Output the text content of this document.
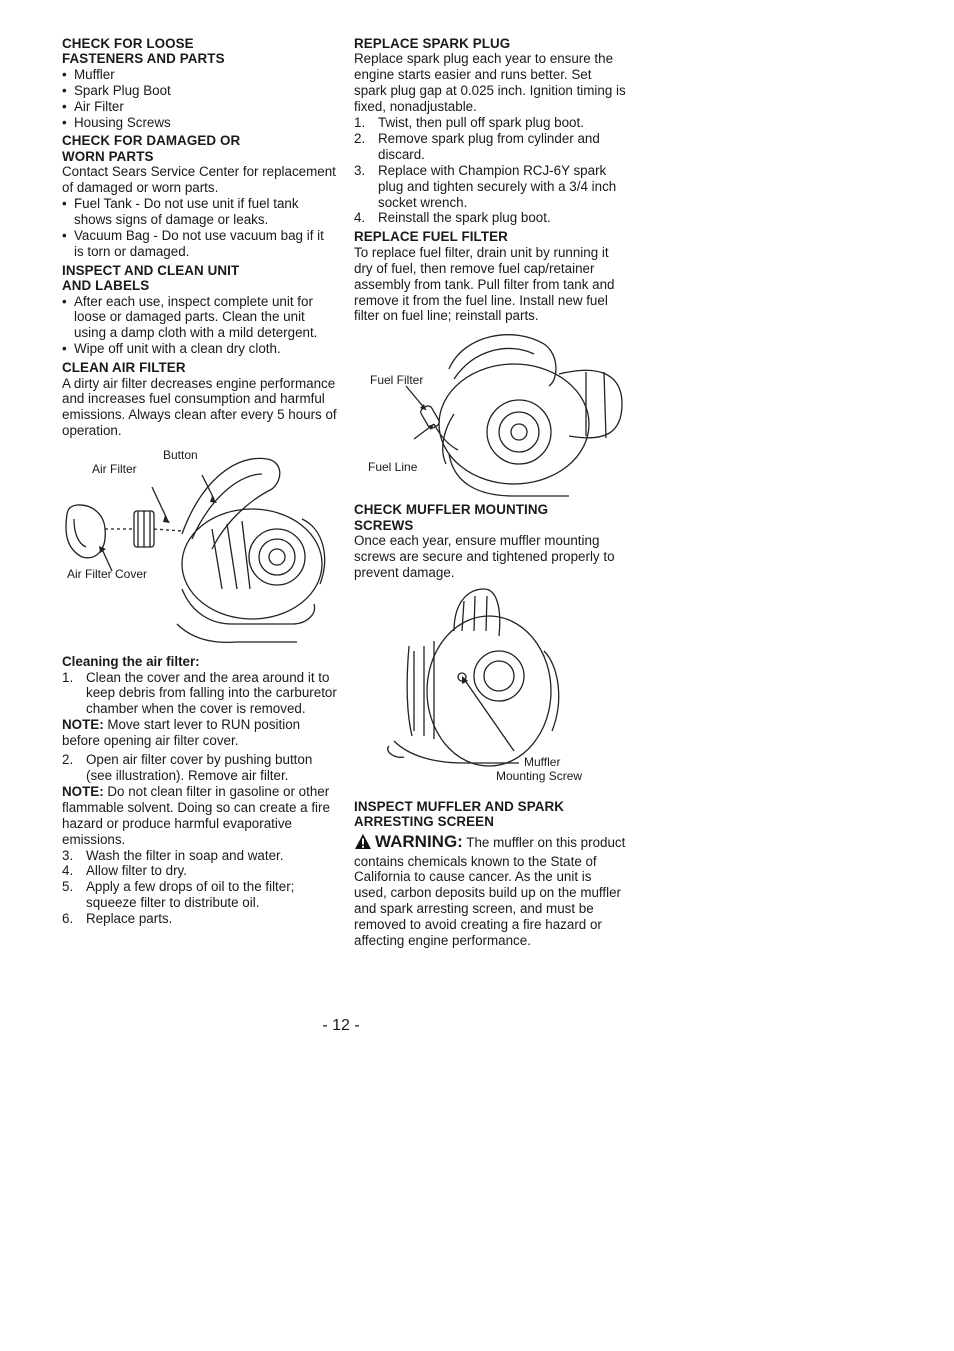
CHECK FOR LOOSE
FASTENERS AND PARTS
• Muffler
• Spark Plug Boot
• Air Filter
• Housing Screws
CHECK FOR DAMAGED OR
WORN PARTS

Contact Sears Service Center for replacement of damaged or worn parts.

• Fuel Tank - Do not use unit if fuel tank shows signs of damage or leaks.
• Vacuum Bag - Do not use vacuum bag if it is torn or damaged.
INSPECT AND CLEAN UNIT
AND LABELS
• After each use, inspect complete unit for loose or damaged parts. Clean the unit using a damp cloth with a mild detergent.
• Wipe off unit with a clean dry cloth.
CLEAN AIR FILTER

A dirty air filter decreases engine performance and increases fuel consumption and harmful emissions. Always clean after every 5 hours of operation.

Button
Air Filter
Air Filter Cover
Cleaning the air filter:
1. Clean the cover and the area around it to keep debris from falling into the carburetor chamber when the cover is removed.

NOTE: Move start lever to RUN position before opening air filter cover.

2. Open air filter cover by pushing button (see illustration). Remove air filter.

NOTE: Do not clean filter in gasoline or other flammable solvent. Doing so can create a fire hazard or produce harmful evaporative emissions.

3. Wash the filter in soap and water.
4. Allow filter to dry.
5. Apply a few drops of oil to the filter; squeeze filter to distribute oil.
6. Replace parts.
REPLACE SPARK PLUG

Replace spark plug each year to ensure the engine starts easier and runs better. Set spark plug gap at 0.025 inch. Ignition timing is fixed, nonadjustable.

1. Twist, then pull off spark plug boot.
2. Remove spark plug from cylinder and discard.
3. Replace with Champion RCJ-6Y spark plug and tighten securely with a 3/4 inch socket wrench.
4. Reinstall the spark plug boot.
REPLACE FUEL FILTER

To replace fuel filter, drain unit by running it dry of fuel, then remove fuel cap/retainer assembly from tank. Pull filter from tank and remove it from the fuel line. Install new fuel filter on fuel line; reinstall parts.

Fuel Filter
Fuel Line
CHECK MUFFLER MOUNTING
SCREWS

Once each year, ensure muffler mounting screws are secure and tightened properly to prevent damage.

Muffler
Mounting Screw
INSPECT MUFFLER AND SPARK
ARRESTING SCREEN

WARNING: The muffler on this product contains chemicals known to the State of California to cause cancer. As the unit is used, carbon deposits build up on the muffler and spark arresting screen, and must be removed to avoid creating a fire hazard or affecting engine performance.

- 12 -
